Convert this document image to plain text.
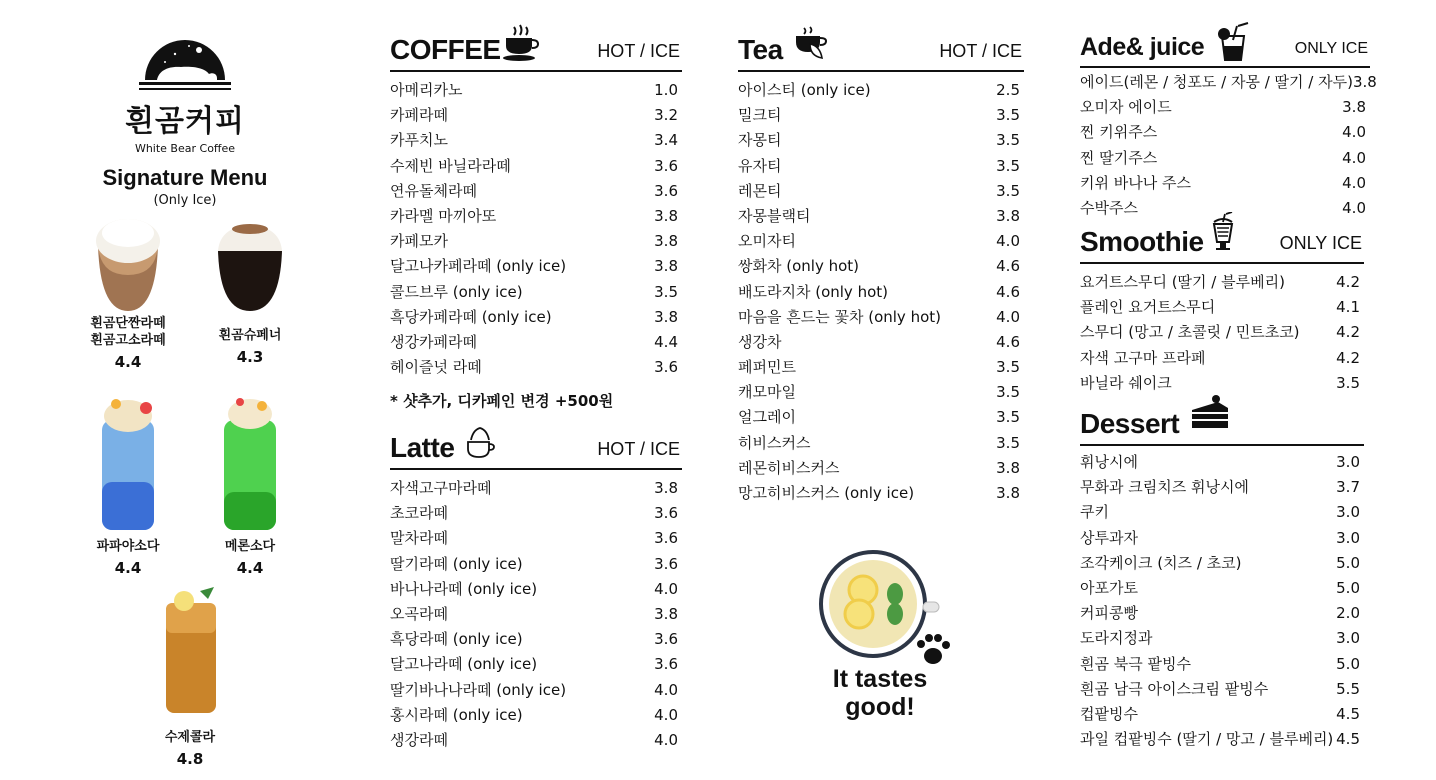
흰곰커피
White Bear Coffee
Signature Menu
(Only Ice)
흰곰단짠라떼
흰곰고소라떼
4.4
흰곰슈페너
4.3
파파야소다
4.4
메론소다
4.4
수제콜라
4.8
COFFEE	HOT / ICE
아메리카노	1.0
카페라떼	3.2
카푸치노	3.4
수제빈 바닐라라떼	3.6
연유돌체라떼	3.6
카라멜 마끼아또	3.8
카페모카	3.8
달고나카페라떼 (only ice)	3.8
콜드브루 (only ice)	3.5
흑당카페라떼 (only ice)	3.8
생강카페라떼	4.4
헤이즐넛 라떼	3.6
* 샷추가, 디카페인 변경 +500원
Latte	HOT / ICE
자색고구마라떼	3.8
초코라떼	3.6
말차라떼	3.6
딸기라떼 (only ice)	3.6
바나나라떼 (only ice)	4.0
오곡라떼	3.8
흑당라떼 (only ice)	3.6
달고나라떼 (only ice)	3.6
딸기바나나라떼 (only ice)	4.0
홍시라떼 (only ice)	4.0
생강라떼	4.0
Tea	HOT / ICE
아이스티 (only ice)	2.5
밀크티	3.5
자몽티	3.5
유자티	3.5
레몬티	3.5
자몽블랙티	3.8
오미자티	4.0
쌍화차 (only hot)	4.6
배도라지차 (only hot)	4.6
마음을 흔드는 꽃차 (only hot)	4.0
생강차	4.6
페퍼민트	3.5
캐모마일	3.5
얼그레이	3.5
히비스커스	3.5
레몬히비스커스	3.8
망고히비스커스 (only ice)	3.8
It tastes
good!
Ade& juice	ONLY ICE
에이드(레몬 / 청포도 / 자몽 / 딸기 / 자두) 3.8
오미자 에이드	3.8
찐 키위주스	4.0
찐 딸기주스	4.0
키위 바나나 주스	4.0
수박주스	4.0
Smoothie	ONLY ICE
요거트스무디 (딸기 / 블루베리)	4.2
플레인 요거트스무디	4.1
스무디 (망고 / 초콜릿 / 민트초코) 4.2
자색 고구마 프라페	4.2
바닐라 쉐이크	3.5
Dessert
휘낭시에	3.0
무화과 크림치즈 휘낭시에	3.7
쿠키	3.0
상투과자	3.0
조각케이크 (치즈 / 초코)	5.0
아포가토	5.0
커피콩빵	2.0
도라지정과	3.0
흰곰 북극 팥빙수	5.0
흰곰 남극 아이스크림 팥빙수	5.5
컵팥빙수	4.5
과일 컵팥빙수 (딸기 / 망고 / 블루베리) 4.5
